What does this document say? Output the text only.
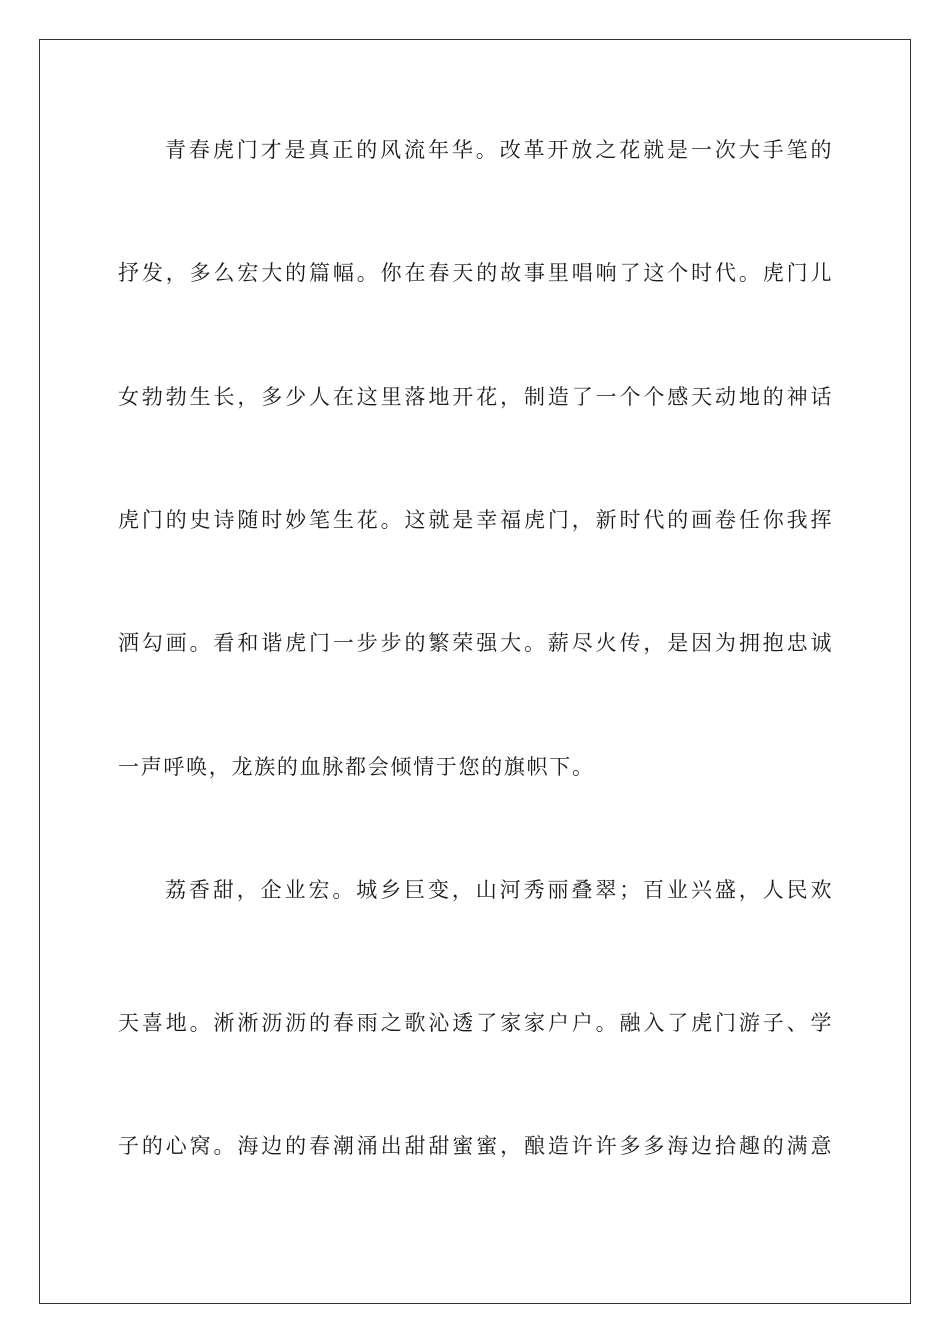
青春虎门才是真正的风流年华。改革开放之花就是一次大手笔的
抒发，多么宏大的篇幅。你在春天的故事里唱响了这个时代。虎门儿
女勃勃生长，多少人在这里落地开花，制造了一个个感天动地的神话
虎门的史诗随时妙笔生花。这就是幸福虎门，新时代的画卷任你我挥
洒勾画。看和谐虎门一步步的繁荣强大。薪尽火传，是因为拥抱忠诚
一声呼唤，龙族的血脉都会倾情于您的旗帜下。
荔香甜，企业宏。城乡巨变，山河秀丽叠翠；百业兴盛，人民欢
天喜地。淅淅沥沥的春雨之歌沁透了家家户户。融入了虎门游子、学
子的心窝。海边的春潮涌出甜甜蜜蜜，酿造许许多多海边拾趣的满意
